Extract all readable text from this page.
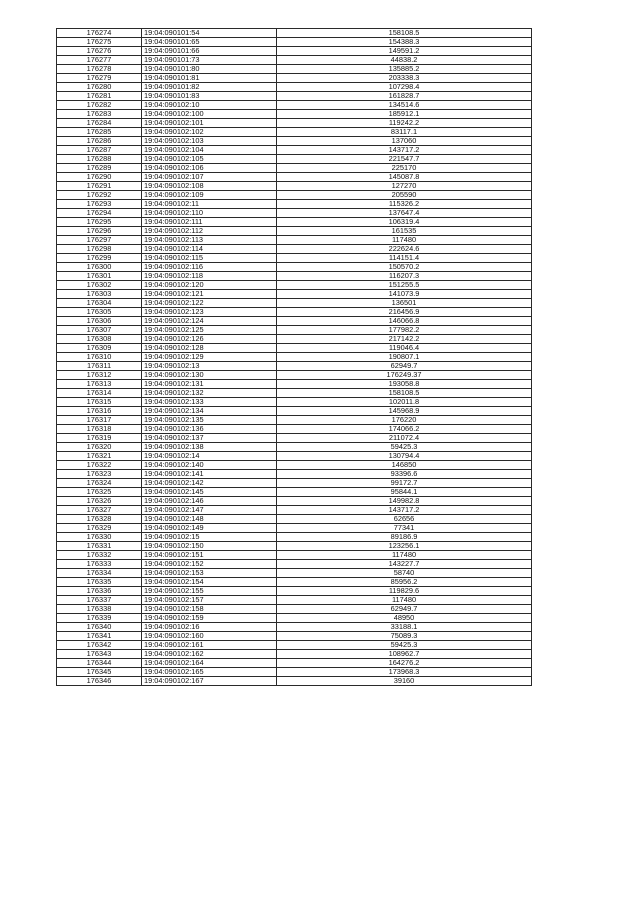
176274	19:04:090101:54	158108.5
176275	19:04:090101:65	154388.3
176276	19:04:090101:66	149591.2
176277	19:04:090101:73	44838.2
176278	19:04:090101:80	135885.2
176279	19:04:090101:81	203338.3
176280	19:04:090101:82	107298.4
176281	19:04:090101:83	161828.7
176282	19:04:090102:10	134514.6
176283	19:04:090102:100	185912.1
176284	19:04:090102:101	119242.2
176285	19:04:090102:102	83117.1
176286	19:04:090102:103	137060
176287	19:04:090102:104	143717.2
176288	19:04:090102:105	221547.7
176289	19:04:090102:106	225170
176290	19:04:090102:107	145087.8
176291	19:04:090102:108	127270
176292	19:04:090102:109	205590
176293	19:04:090102:11	115326.2
176294	19:04:090102:110	137647.4
176295	19:04:090102:111	106319.4
176296	19:04:090102:112	161535
176297	19:04:090102:113	117480
176298	19:04:090102:114	222624.6
176299	19:04:090102:115	114151.4
176300	19:04:090102:116	150570.2
176301	19:04:090102:118	116207.3
176302	19:04:090102:120	151255.5
176303	19:04:090102:121	141073.9
176304	19:04:090102:122	136501
176305	19:04:090102:123	216456.9
176306	19:04:090102:124	146066.8
176307	19:04:090102:125	177982.2
176308	19:04:090102:126	217142.2
176309	19:04:090102:128	119046.4
176310	19:04:090102:129	190807.1
176311	19:04:090102:13	62949.7
176312	19:04:090102:130	176249.37
176313	19:04:090102:131	193058.8
176314	19:04:090102:132	158108.5
176315	19:04:090102:133	102011.8
176316	19:04:090102:134	145968.9
176317	19:04:090102:135	176220
176318	19:04:090102:136	174066.2
176319	19:04:090102:137	211072.4
176320	19:04:090102:138	59425.3
176321	19:04:090102:14	130794.4
176322	19:04:090102:140	146850
176323	19:04:090102:141	93396.6
176324	19:04:090102:142	99172.7
176325	19:04:090102:145	95844.1
176326	19:04:090102:146	149982.8
176327	19:04:090102:147	143717.2
176328	19:04:090102:148	62656
176329	19:04:090102:149	77341
176330	19:04:090102:15	89186.9
176331	19:04:090102:150	123256.1
176332	19:04:090102:151	117480
176333	19:04:090102:152	143227.7
176334	19:04:090102:153	58740
176335	19:04:090102:154	85956.2
176336	19:04:090102:155	119829.6
176337	19:04:090102:157	117480
176338	19:04:090102:158	62949.7
176339	19:04:090102:159	48950
176340	19:04:090102:16	33188.1
176341	19:04:090102:160	75089.3
176342	19:04:090102:161	59425.3
176343	19:04:090102:162	108962.7
176344	19:04:090102:164	164276.2
176345	19:04:090102:165	173968.3
176346	19:04:090102:167	39160
